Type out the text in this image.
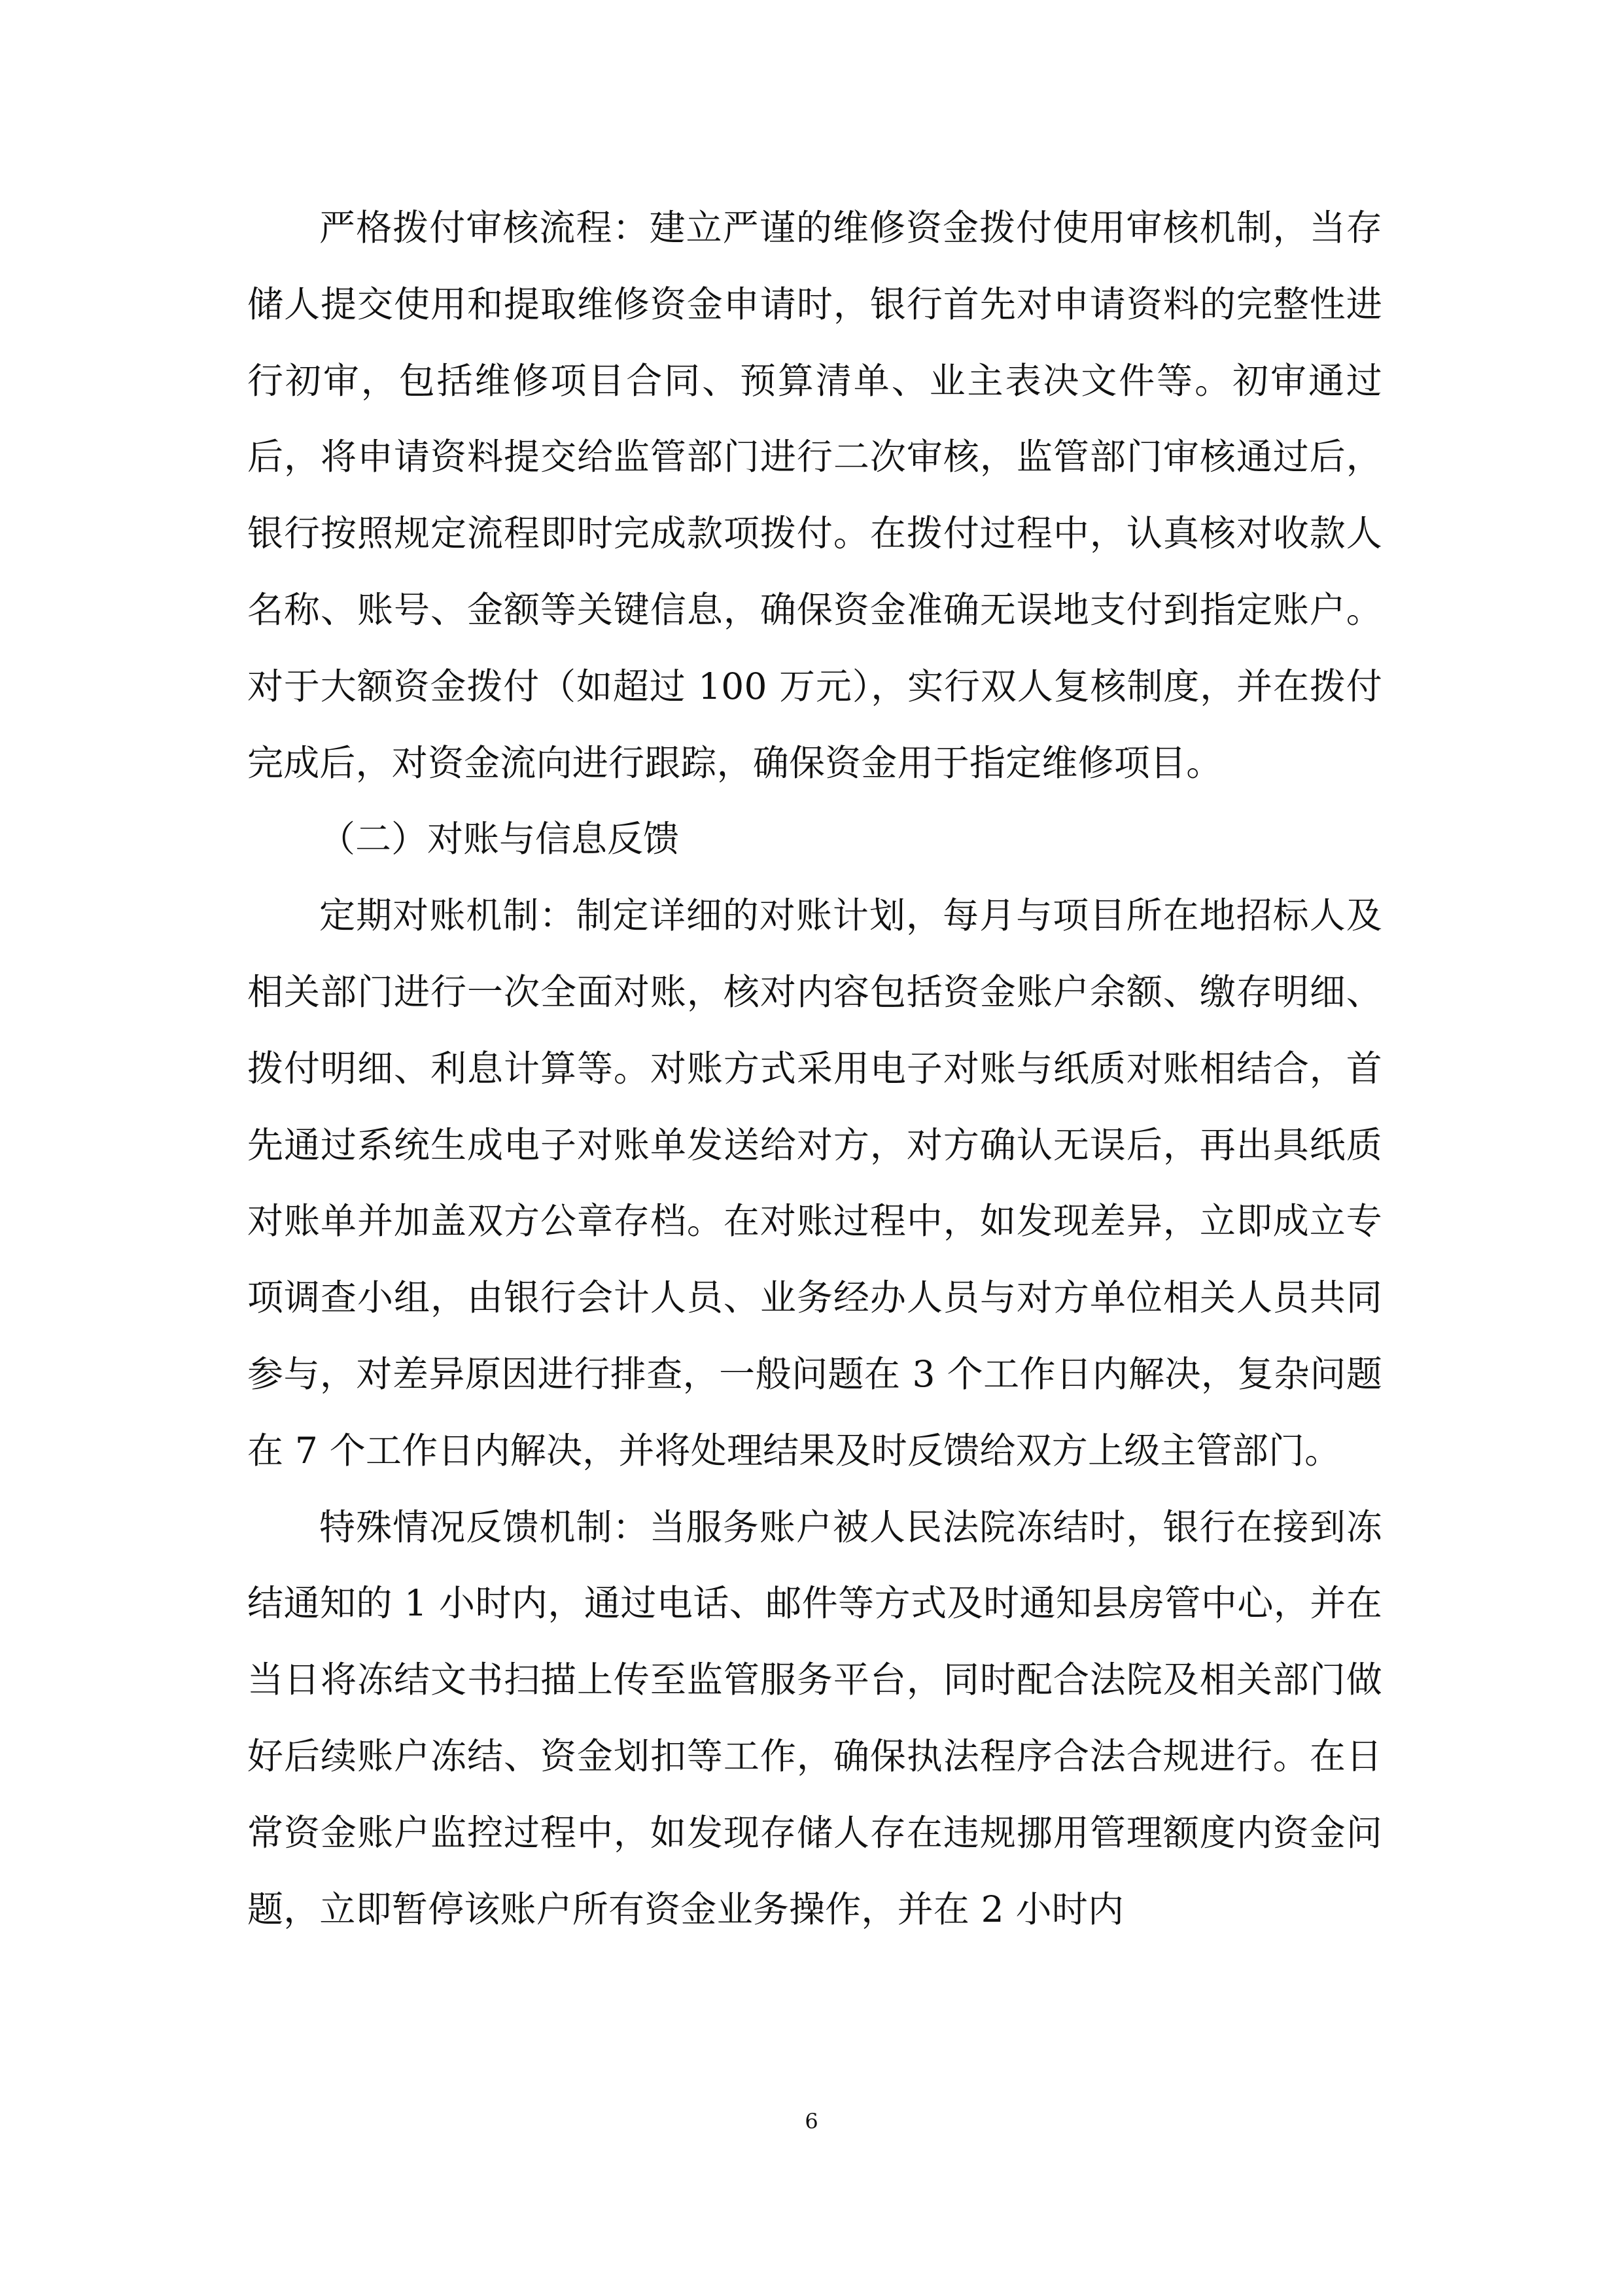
严格拨付审核流程：建立严谨的维修资金拨付使用审核机制，当存储人提交使用和提取维修资金申请时，银行首先对申请资料的完整性进行初审，包括维修项目合同、预算清单、业主表决文件等。初审通过后，将申请资料提交给监管部门进行二次审核，监管部门审核通过后，银行按照规定流程即时完成款项拨付。在拨付过程中，认真核对收款人名称、账号、金额等关键信息，确保资金准确无误地支付到指定账户。对于大额资金拨付（如超过 100 万元），实行双人复核制度，并在拨付完成后，对资金流向进行跟踪，确保资金用于指定维修项目。

（二）对账与信息反馈

定期对账机制：制定详细的对账计划，每月与项目所在地招标人及相关部门进行一次全面对账，核对内容包括资金账户余额、缴存明细、拨付明细、利息计算等。对账方式采用电子对账与纸质对账相结合，首先通过系统生成电子对账单发送给对方，对方确认无误后，再出具纸质对账单并加盖双方公章存档。在对账过程中，如发现差异，立即成立专项调查小组，由银行会计人员、业务经办人员与对方单位相关人员共同参与，对差异原因进行排查，一般问题在 3 个工作日内解决，复杂问题在 7 个工作日内解决，并将处理结果及时反馈给双方上级主管部门。

特殊情况反馈机制：当服务账户被人民法院冻结时，银行在接到冻结通知的 1 小时内，通过电话、邮件等方式及时通知县房管中心，并在当日将冻结文书扫描上传至监管服务平台，同时配合法院及相关部门做好后续账户冻结、资金划扣等工作，确保执法程序合法合规进行。在日常资金账户监控过程中，如发现存储人存在违规挪用管理额度内资金问题，立即暂停该账户所有资金业务操作，并在 2 小时内

6
